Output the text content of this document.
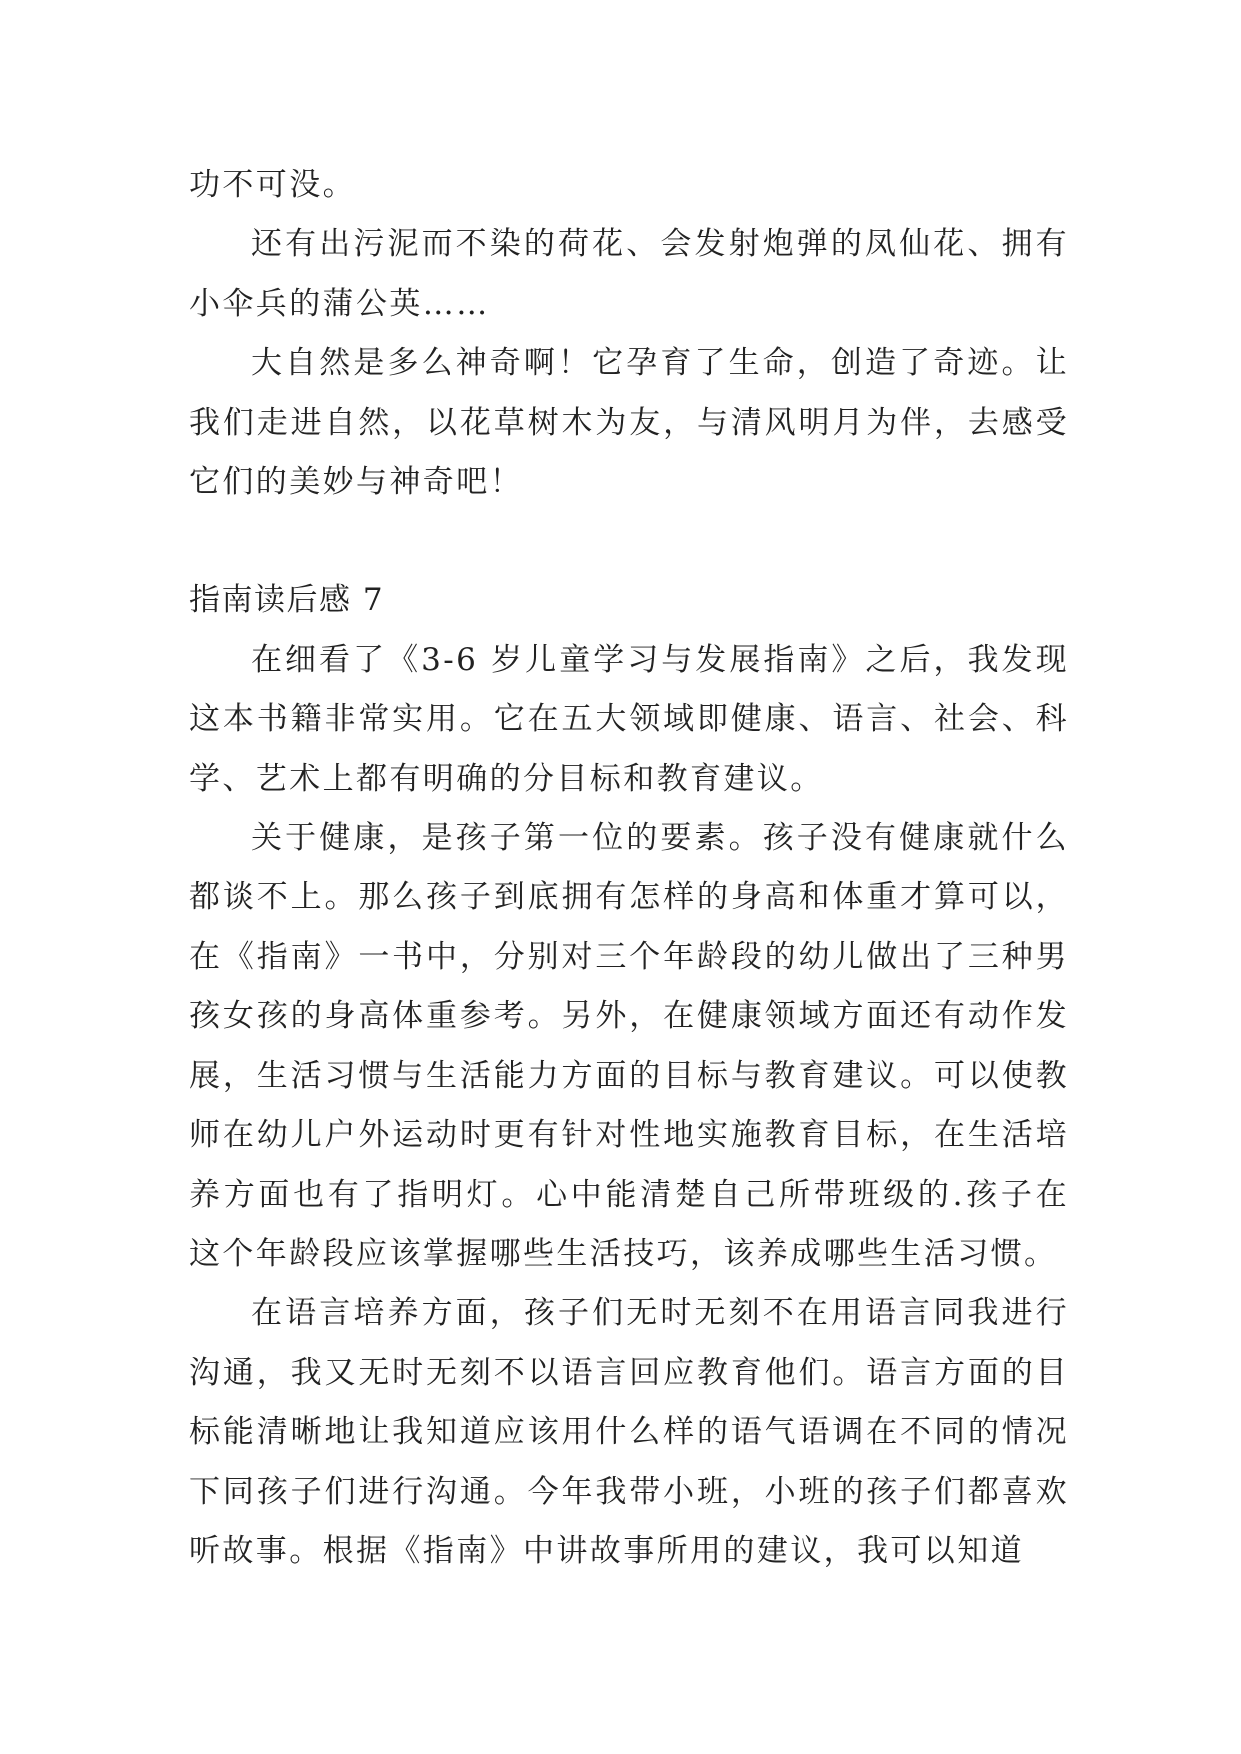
功不可没。

还有出污泥而不染的荷花、会发射炮弹的凤仙花、拥有小伞兵的蒲公英……

大自然是多么神奇啊！它孕育了生命，创造了奇迹。让我们走进自然，以花草树木为友，与清风明月为伴，去感受它们的美妙与神奇吧！

指南读后感 7

在细看了《3-6 岁儿童学习与发展指南》之后，我发现这本书籍非常实用。它在五大领域即健康、语言、社会、科学、艺术上都有明确的分目标和教育建议。

关于健康，是孩子第一位的要素。孩子没有健康就什么都谈不上。那么孩子到底拥有怎样的身高和体重才算可以，在《指南》一书中，分别对三个年龄段的幼儿做出了三种男孩女孩的身高体重参考。另外，在健康领域方面还有动作发展，生活习惯与生活能力方面的目标与教育建议。可以使教师在幼儿户外运动时更有针对性地实施教育目标，在生活培养方面也有了指明灯。心中能清楚自己所带班级的.孩子在这个年龄段应该掌握哪些生活技巧，该养成哪些生活习惯。

在语言培养方面，孩子们无时无刻不在用语言同我进行沟通，我又无时无刻不以语言回应教育他们。语言方面的目标能清晰地让我知道应该用什么样的语气语调在不同的情况下同孩子们进行沟通。今年我带小班，小班的孩子们都喜欢听故事。根据《指南》中讲故事所用的建议，我可以知道
